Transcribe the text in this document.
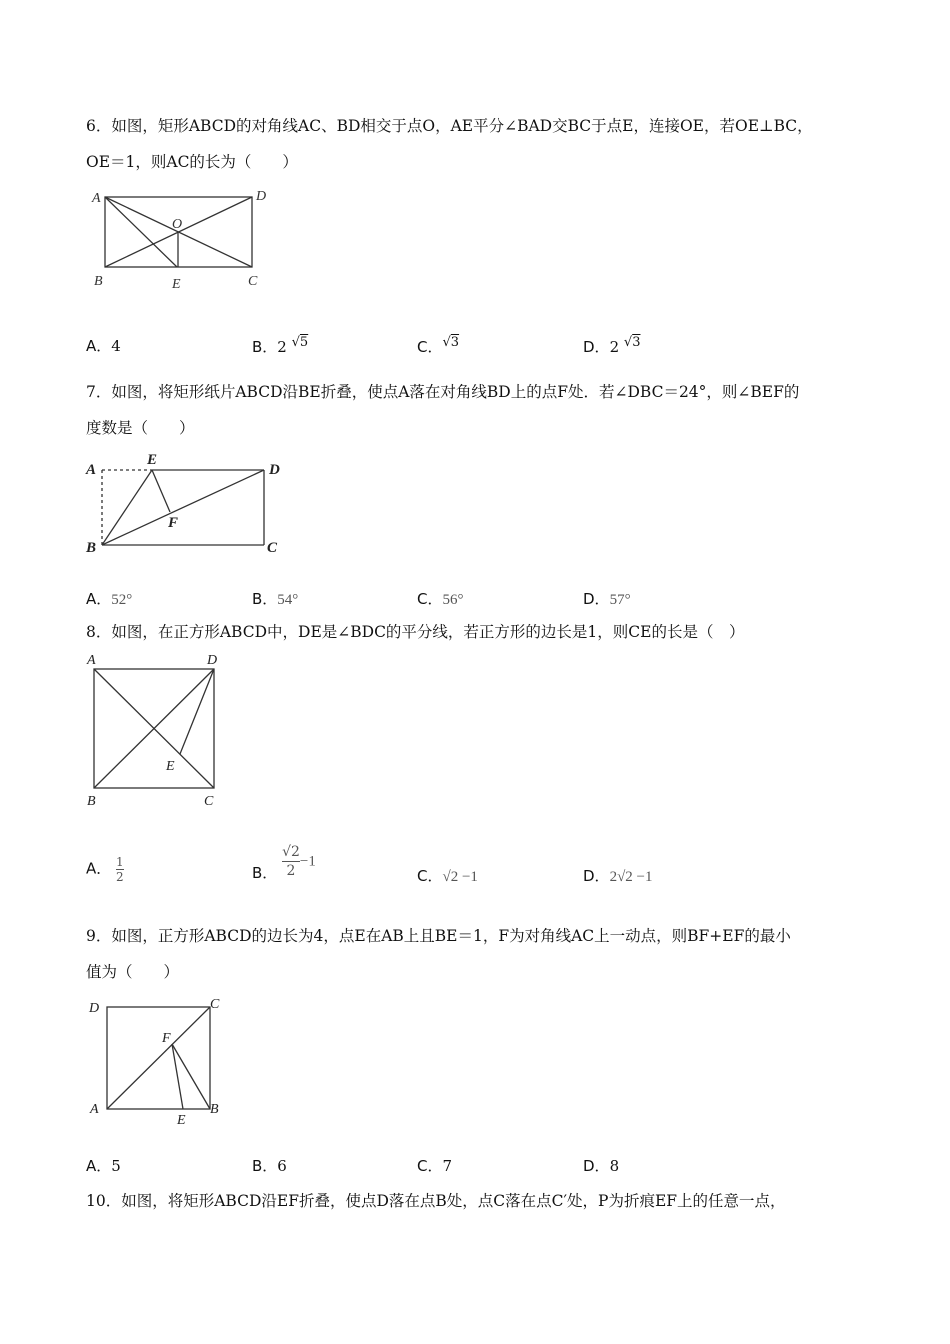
6．如图，矩形ABCD的对角线AC、BD相交于点O，AE平分∠BAD交BC于点E，连接OE，若OE⊥BC，
OE＝1，则AC的长为（　　）
A	D
O
B	E	C
A．4	B．2 $^{√5}$	C．$^{√3}$	D．2 $^{√3}$
7．如图，将矩形纸片ABCD沿BE折叠，使点A落在对角线BD上的点F处．若∠DBC＝24°，则∠BEF的
度数是（　　）
A
E
D
F
B	C
A．52°	B．54°	C．56°	D．57°
8．如图，在正方形ABCD中，DE是∠BDC的平分线，若正方形的边长是1，则CE的长是（　）
A	D
E
B	C
A． $\frac{1}{2}$	B． $\frac{√2}{2} -1$
C．√2 −1	D．2√2 −1
9．如图，正方形ABCD的边长为4，点E在AB上且BE＝1，F为对角线AC上一动点，则BF+EF的最小
值为（　　）
D	C
F
A
E
B
A．5	B．6	C．7	D．8
10．如图，将矩形ABCD沿EF折叠，使点D落在点B处，点C落在点C′处，P为折痕EF上的任意一点，
